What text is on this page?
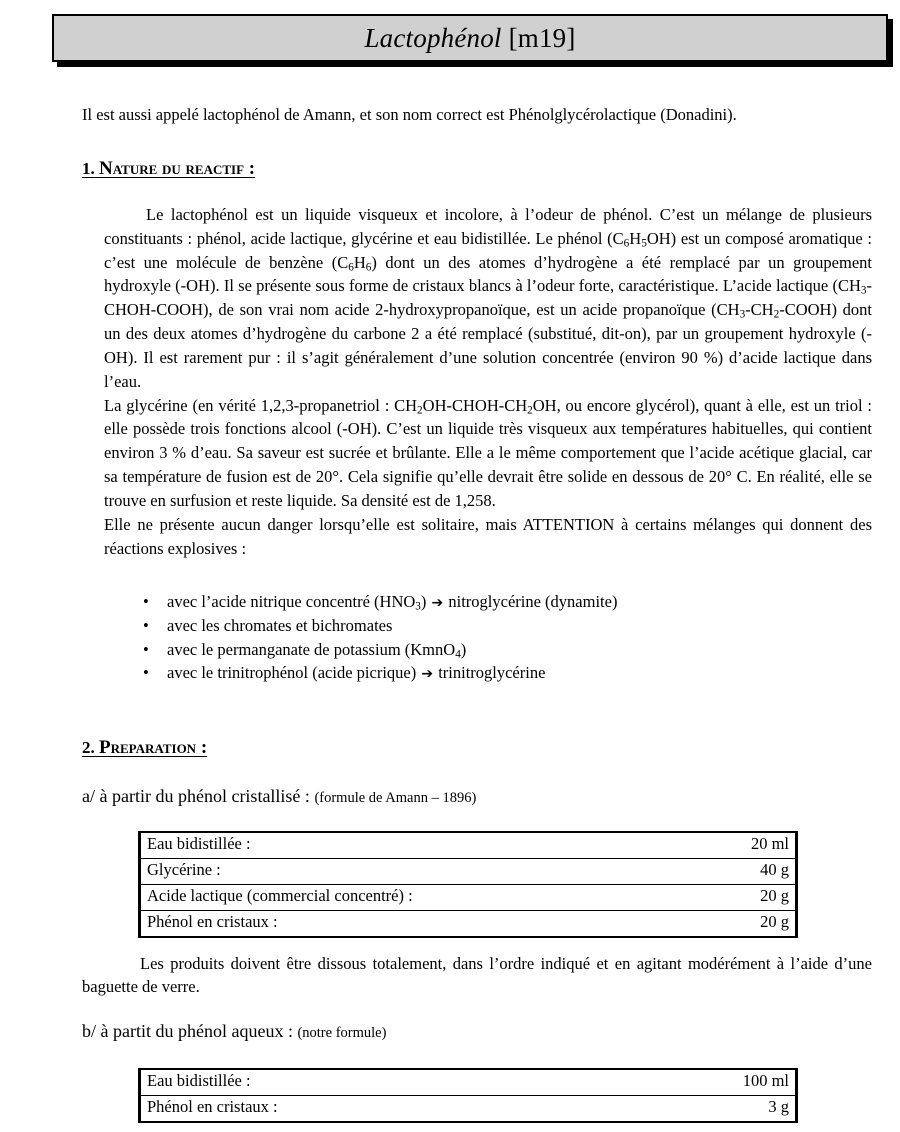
Lactophénol [m19]
Il est aussi appelé lactophénol de Amann, et son nom correct est Phénolglycérolactique (Donadini).
1. Nature du reactif :

Le lactophénol est un liquide visqueux et incolore, à l’odeur de phénol. C’est un mélange de plusieurs constituants : phénol, acide lactique, glycérine et eau bidistillée. Le phénol $(C_6H_5OH)$ est un composé aromatique : c’est une molécule de benzène $(C_6H_6)$ dont un des atomes d’hydrogène a été remplacé par un groupement hydroxyle (-OH). Il se présente sous forme de cristaux blancs à l’odeur forte, caractéristique. L’acide lactique $(CH_3-CHOH-COOH)$, de son vrai nom acide 2-hydroxypropanoïque, est un acide propanoïque $(CH_3-CH_2-COOH)$ dont un des deux atomes d’hydrogène du carbone 2 a été remplacé (substitué, dit-on), par un groupement hydroxyle (-OH). Il est rarement pur : il s’agit généralement d’une solution concentrée (environ 90 %) d’acide lactique dans l’eau.

La glycérine (en vérité 1,2,3-propanetriol : $CH_2OH-CHOH-CH_2OH$, ou encore glycérol), quant à elle, est un triol : elle possède trois fonctions alcool (-OH). C’est un liquide très visqueux aux températures habituelles, qui contient environ 3 % d’eau. Sa saveur est sucrée et brûlante. Elle a le même comportement que l’acide acétique glacial, car sa température de fusion est de 20°. Cela signifie qu’elle devrait être solide en dessous de 20° C. En réalité, elle se trouve en surfusion et reste liquide. Sa densité est de 1,258.

Elle ne présente aucun danger lorsqu’elle est solitaire, mais ATTENTION à certains mélanges qui donnent des réactions explosives :

• avec l’acide nitrique concentré $(HNO_3)$ ➔ nitroglycérine (dynamite)
• avec les chromates et bichromates
• avec le permanganate de potassium (KmnO$_4$)
• avec le trinitrophénol (acide picrique) ➔ trinitroglycérine
2. Preparation :
a/ à partir du phénol cristallisé : (formule de Amann – 1896)
Eau bidistillée :	20 ml
Glycérine :	40 g
Acide lactique (commercial concentré) :	20 g
Phénol en cristaux :	20 g

Les produits doivent être dissous totalement, dans l’ordre indiqué et en agitant modérément à l’aide d’une baguette de verre.

b/ à partit du phénol aqueux : (notre formule)
Eau bidistillée :	100 ml
Phénol en cristaux :	3 g
